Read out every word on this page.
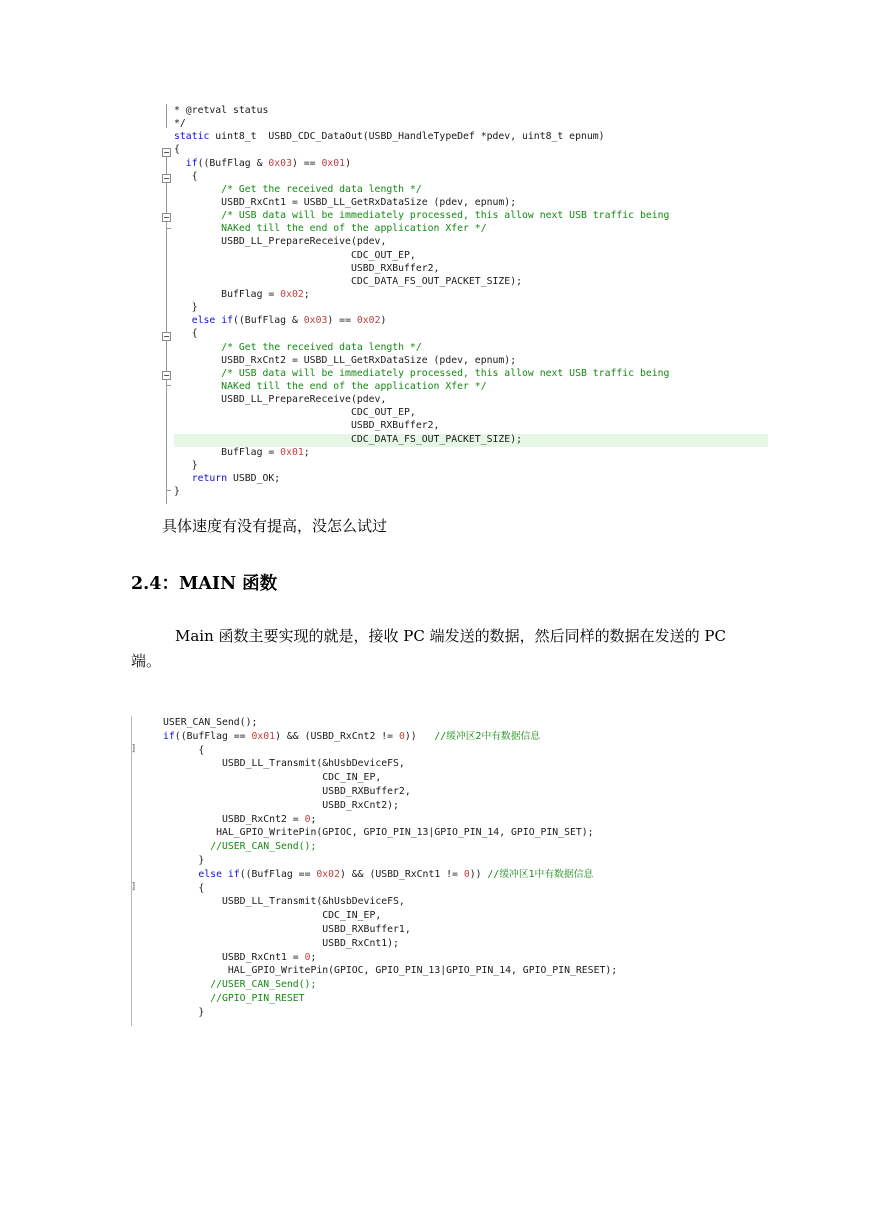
* @retval status
*/
static uint8_t  USBD_CDC_DataOut(USBD_HandleTypeDef *pdev, uint8_t epnum)
{
if((BufFlag & 0x03) == 0x01)
{
/* Get the received data length */
USBD_RxCnt1 = USBD_LL_GetRxDataSize (pdev, epnum);
/* USB data will be immediately processed, this allow next USB traffic being
NAKed till the end of the application Xfer */
USBD_LL_PrepareReceive(pdev,
CDC_OUT_EP,
USBD_RXBuffer2,
CDC_DATA_FS_OUT_PACKET_SIZE);
BufFlag = 0x02;
}
else if((BufFlag & 0x03) == 0x02)
{
/* Get the received data length */
USBD_RxCnt2 = USBD_LL_GetRxDataSize (pdev, epnum);
/* USB data will be immediately processed, this allow next USB traffic being
NAKed till the end of the application Xfer */
USBD_LL_PrepareReceive(pdev,
CDC_OUT_EP,
USBD_RXBuffer2,
CDC_DATA_FS_OUT_PACKET_SIZE);
BufFlag = 0x01;
}
return USBD_OK;
}
具体速度有没有提高，没怎么试过
2.4：MAIN 函数
Main 函数主要实现的就是，接收 PC 端发送的数据，然后同样的数据在发送的 PC 端。
]
]
USER_CAN_Send();
if((BufFlag == 0x01) && (USBD_RxCnt2 != 0))   //缓冲区2中有数据信息
{
USBD_LL_Transmit(&hUsbDeviceFS,
CDC_IN_EP,
USBD_RXBuffer2,
USBD_RxCnt2);
USBD_RxCnt2 = 0;
HAL_GPIO_WritePin(GPIOC, GPIO_PIN_13|GPIO_PIN_14, GPIO_PIN_SET);
//USER_CAN_Send();
}
else if((BufFlag == 0x02) && (USBD_RxCnt1 != 0)) //缓冲区1中有数据信息
{
USBD_LL_Transmit(&hUsbDeviceFS,
CDC_IN_EP,
USBD_RXBuffer1,
USBD_RxCnt1);
USBD_RxCnt1 = 0;
HAL_GPIO_WritePin(GPIOC, GPIO_PIN_13|GPIO_PIN_14, GPIO_PIN_RESET);
//USER_CAN_Send();
//GPIO_PIN_RESET
}
